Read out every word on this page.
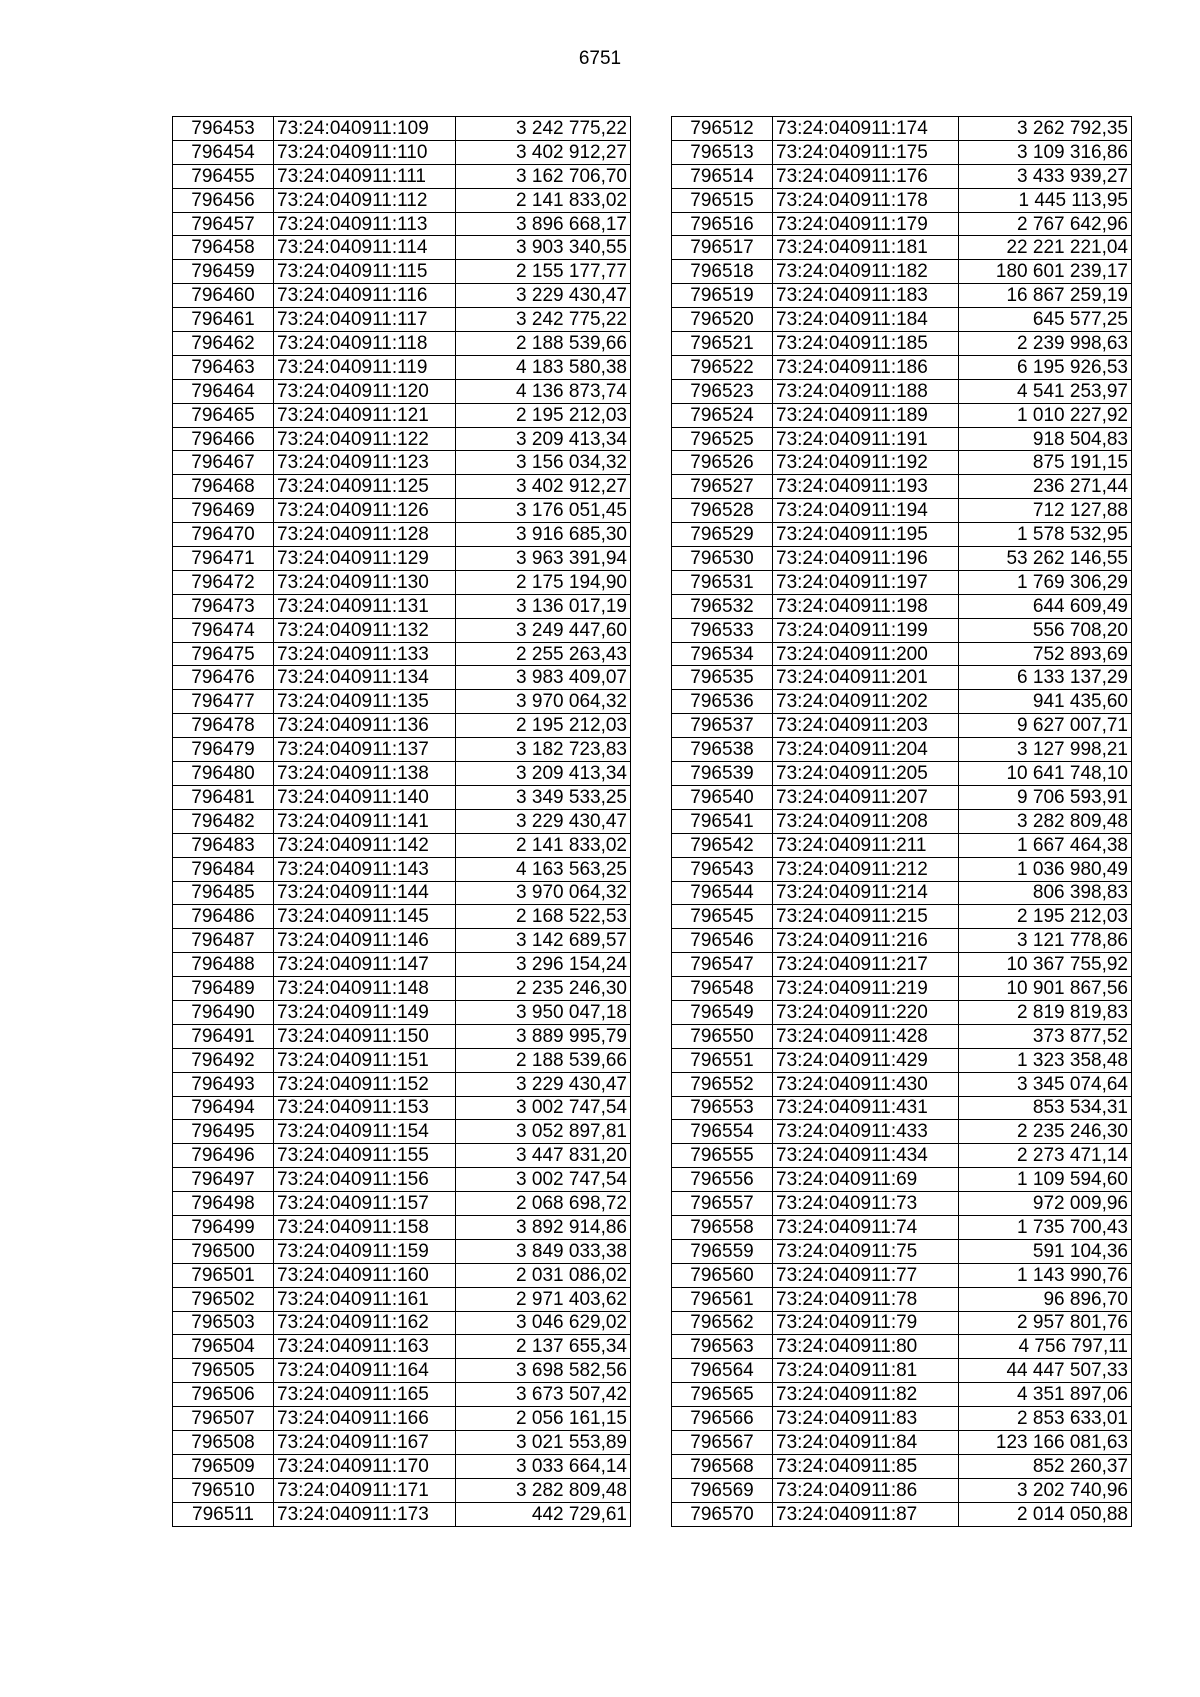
6751
796453	73:24:040911:109	3 242 775,22
796454	73:24:040911:110	3 402 912,27
796455	73:24:040911:111	3 162 706,70
796456	73:24:040911:112	2 141 833,02
796457	73:24:040911:113	3 896 668,17
796458	73:24:040911:114	3 903 340,55
796459	73:24:040911:115	2 155 177,77
796460	73:24:040911:116	3 229 430,47
796461	73:24:040911:117	3 242 775,22
796462	73:24:040911:118	2 188 539,66
796463	73:24:040911:119	4 183 580,38
796464	73:24:040911:120	4 136 873,74
796465	73:24:040911:121	2 195 212,03
796466	73:24:040911:122	3 209 413,34
796467	73:24:040911:123	3 156 034,32
796468	73:24:040911:125	3 402 912,27
796469	73:24:040911:126	3 176 051,45
796470	73:24:040911:128	3 916 685,30
796471	73:24:040911:129	3 963 391,94
796472	73:24:040911:130	2 175 194,90
796473	73:24:040911:131	3 136 017,19
796474	73:24:040911:132	3 249 447,60
796475	73:24:040911:133	2 255 263,43
796476	73:24:040911:134	3 983 409,07
796477	73:24:040911:135	3 970 064,32
796478	73:24:040911:136	2 195 212,03
796479	73:24:040911:137	3 182 723,83
796480	73:24:040911:138	3 209 413,34
796481	73:24:040911:140	3 349 533,25
796482	73:24:040911:141	3 229 430,47
796483	73:24:040911:142	2 141 833,02
796484	73:24:040911:143	4 163 563,25
796485	73:24:040911:144	3 970 064,32
796486	73:24:040911:145	2 168 522,53
796487	73:24:040911:146	3 142 689,57
796488	73:24:040911:147	3 296 154,24
796489	73:24:040911:148	2 235 246,30
796490	73:24:040911:149	3 950 047,18
796491	73:24:040911:150	3 889 995,79
796492	73:24:040911:151	2 188 539,66
796493	73:24:040911:152	3 229 430,47
796494	73:24:040911:153	3 002 747,54
796495	73:24:040911:154	3 052 897,81
796496	73:24:040911:155	3 447 831,20
796497	73:24:040911:156	3 002 747,54
796498	73:24:040911:157	2 068 698,72
796499	73:24:040911:158	3 892 914,86
796500	73:24:040911:159	3 849 033,38
796501	73:24:040911:160	2 031 086,02
796502	73:24:040911:161	2 971 403,62
796503	73:24:040911:162	3 046 629,02
796504	73:24:040911:163	2 137 655,34
796505	73:24:040911:164	3 698 582,56
796506	73:24:040911:165	3 673 507,42
796507	73:24:040911:166	2 056 161,15
796508	73:24:040911:167	3 021 553,89
796509	73:24:040911:170	3 033 664,14
796510	73:24:040911:171	3 282 809,48
796511	73:24:040911:173	442 729,61
796512	73:24:040911:174	3 262 792,35
796513	73:24:040911:175	3 109 316,86
796514	73:24:040911:176	3 433 939,27
796515	73:24:040911:178	1 445 113,95
796516	73:24:040911:179	2 767 642,96
796517	73:24:040911:181	22 221 221,04
796518	73:24:040911:182	180 601 239,17
796519	73:24:040911:183	16 867 259,19
796520	73:24:040911:184	645 577,25
796521	73:24:040911:185	2 239 998,63
796522	73:24:040911:186	6 195 926,53
796523	73:24:040911:188	4 541 253,97
796524	73:24:040911:189	1 010 227,92
796525	73:24:040911:191	918 504,83
796526	73:24:040911:192	875 191,15
796527	73:24:040911:193	236 271,44
796528	73:24:040911:194	712 127,88
796529	73:24:040911:195	1 578 532,95
796530	73:24:040911:196	53 262 146,55
796531	73:24:040911:197	1 769 306,29
796532	73:24:040911:198	644 609,49
796533	73:24:040911:199	556 708,20
796534	73:24:040911:200	752 893,69
796535	73:24:040911:201	6 133 137,29
796536	73:24:040911:202	941 435,60
796537	73:24:040911:203	9 627 007,71
796538	73:24:040911:204	3 127 998,21
796539	73:24:040911:205	10 641 748,10
796540	73:24:040911:207	9 706 593,91
796541	73:24:040911:208	3 282 809,48
796542	73:24:040911:211	1 667 464,38
796543	73:24:040911:212	1 036 980,49
796544	73:24:040911:214	806 398,83
796545	73:24:040911:215	2 195 212,03
796546	73:24:040911:216	3 121 778,86
796547	73:24:040911:217	10 367 755,92
796548	73:24:040911:219	10 901 867,56
796549	73:24:040911:220	2 819 819,83
796550	73:24:040911:428	373 877,52
796551	73:24:040911:429	1 323 358,48
796552	73:24:040911:430	3 345 074,64
796553	73:24:040911:431	853 534,31
796554	73:24:040911:433	2 235 246,30
796555	73:24:040911:434	2 273 471,14
796556	73:24:040911:69	1 109 594,60
796557	73:24:040911:73	972 009,96
796558	73:24:040911:74	1 735 700,43
796559	73:24:040911:75	591 104,36
796560	73:24:040911:77	1 143 990,76
796561	73:24:040911:78	96 896,70
796562	73:24:040911:79	2 957 801,76
796563	73:24:040911:80	4 756 797,11
796564	73:24:040911:81	44 447 507,33
796565	73:24:040911:82	4 351 897,06
796566	73:24:040911:83	2 853 633,01
796567	73:24:040911:84	123 166 081,63
796568	73:24:040911:85	852 260,37
796569	73:24:040911:86	3 202 740,96
796570	73:24:040911:87	2 014 050,88
